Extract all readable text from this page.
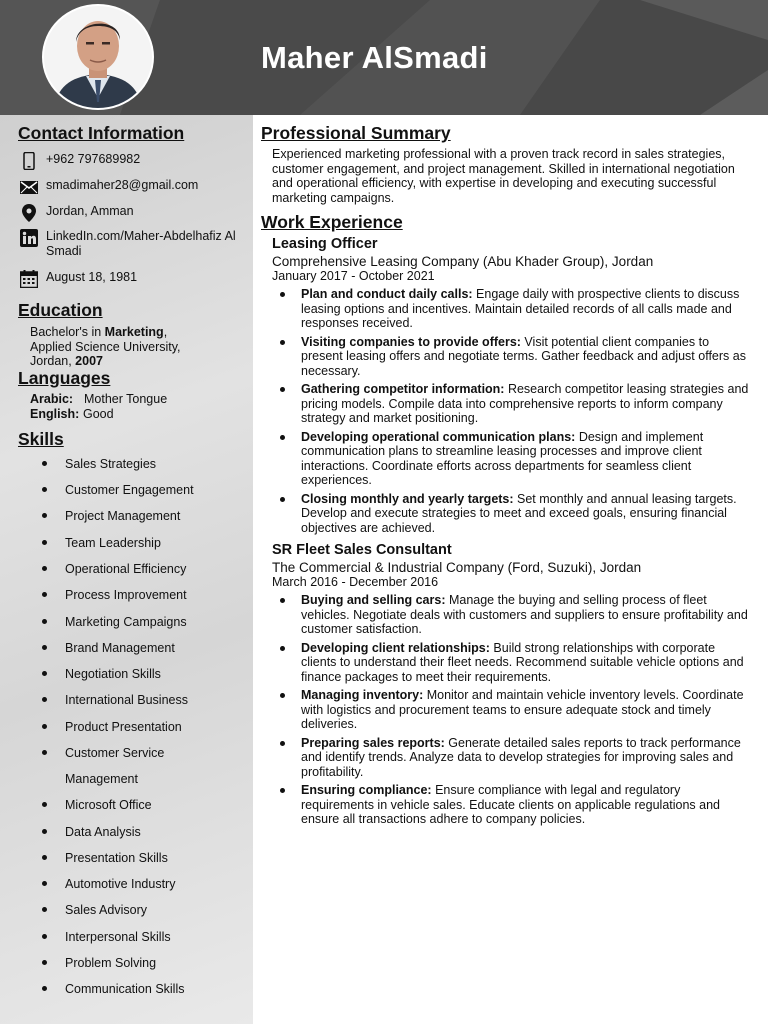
Maher AlSmadi
Contact Information
+962 797689982
smadimaher28@gmail.com
Jordan, Amman
LinkedIn.com/Maher-Abdelhafiz Al Smadi
August 18, 1981
Education
Bachelor's in Marketing,
Applied Science University,
Jordan, 2007
Languages
Arabic: Mother Tongue
English: Good
Skills
Sales Strategies
Customer Engagement
Project Management
Team Leadership
Operational Efficiency
Process Improvement
Marketing Campaigns
Brand Management
Negotiation Skills
International Business
Product Presentation
Customer Service
Management
Microsoft Office
Data Analysis
Presentation Skills
Automotive Industry
Sales Advisory
Interpersonal Skills
Problem Solving
Communication Skills
Professional Summary
Experienced marketing professional with a proven track record in sales strategies, customer engagement, and project management. Skilled in international negotiation and operational efficiency, with expertise in developing and executing successful marketing campaigns.
Work Experience
Leasing Officer
Comprehensive Leasing Company (Abu Khader Group), Jordan
January 2017 - October 2021
Plan and conduct daily calls: Engage daily with prospective clients to discuss leasing options and incentives. Maintain detailed records of all calls made and responses received.
Visiting companies to provide offers: Visit potential client companies to present leasing offers and negotiate terms. Gather feedback and adjust offers as necessary.
Gathering competitor information: Research competitor leasing strategies and pricing models. Compile data into comprehensive reports to inform company strategy and market positioning.
Developing operational communication plans: Design and implement communication plans to streamline leasing processes and improve client interactions. Coordinate efforts across departments for seamless client experiences.
Closing monthly and yearly targets: Set monthly and annual leasing targets. Develop and execute strategies to meet and exceed goals, ensuring financial objectives are achieved.
SR Fleet Sales Consultant
The Commercial & Industrial Company (Ford, Suzuki), Jordan
March 2016 - December 2016
Buying and selling cars: Manage the buying and selling process of fleet vehicles. Negotiate deals with customers and suppliers to ensure profitability and customer satisfaction.
Developing client relationships: Build strong relationships with corporate clients to understand their fleet needs. Recommend suitable vehicle options and finance packages to meet their requirements.
Managing inventory: Monitor and maintain vehicle inventory levels. Coordinate with logistics and procurement teams to ensure adequate stock and timely deliveries.
Preparing sales reports: Generate detailed sales reports to track performance and identify trends. Analyze data to develop strategies for improving sales and profitability.
Ensuring compliance: Ensure compliance with legal and regulatory requirements in vehicle sales. Educate clients on applicable regulations and ensure all transactions adhere to company policies.
